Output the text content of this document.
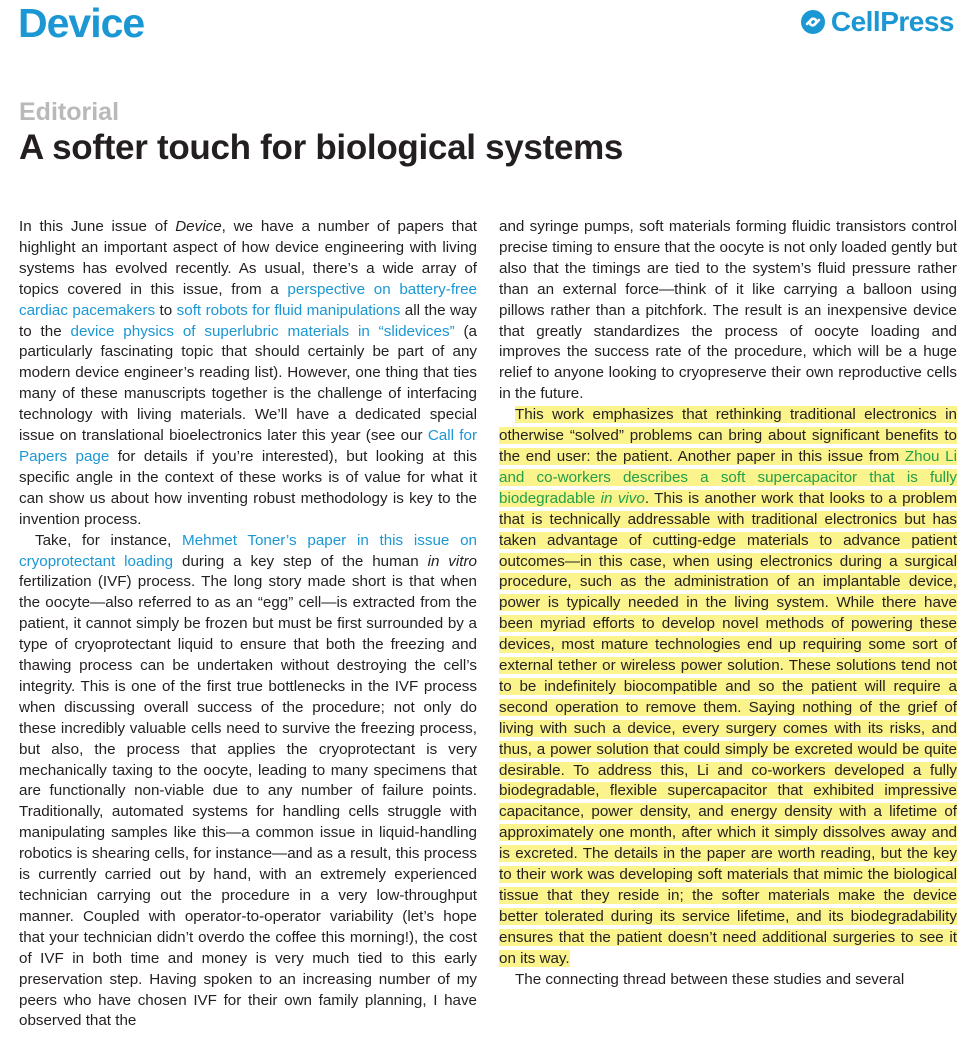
Device	CellPress
Editorial
A softer touch for biological systems

In this June issue of Device, we have a number of papers that highlight an important aspect of how device engineering with living systems has evolved recently. As usual, there’s a wide array of topics covered in this issue, from a perspective on battery-free cardiac pacemakers to soft robots for fluid manipulations all the way to the device physics of superlubric materials in “slidevices” (a particularly fascinating topic that should certainly be part of any modern device engineer’s reading list). However, one thing that ties many of these manuscripts together is the challenge of interfacing technology with living materials. We’ll have a dedicated special issue on translational bioelectronics later this year (see our Call for Papers page for details if you’re interested), but looking at this specific angle in the context of these works is of value for what it can show us about how inventing robust methodology is key to the invention process.

Take, for instance, Mehmet Toner’s paper in this issue on cryoprotectant loading during a key step of the human in vitro fertilization (IVF) process. The long story made short is that when the oocyte—also referred to as an “egg” cell—is extracted from the patient, it cannot simply be frozen but must be first surrounded by a type of cryoprotectant liquid to ensure that both the freezing and thawing process can be undertaken without destroying the cell’s integrity. This is one of the first true bottlenecks in the IVF process when discussing overall success of the procedure; not only do these incredibly valuable cells need to survive the freezing process, but also, the process that applies the cryoprotectant is very mechanically taxing to the oocyte, leading to many specimens that are functionally non-viable due to any number of failure points. Traditionally, automated systems for handling cells struggle with manipulating samples like this—a common issue in liquid-handling robotics is shearing cells, for instance—and as a result, this process is currently carried out by hand, with an extremely experienced technician carrying out the procedure in a very low-throughput manner. Coupled with operator-to-operator variability (let’s hope that your technician didn’t overdo the coffee this morning!), the cost of IVF in both time and money is very much tied to this early preservation step. Having spoken to an increasing number of my peers who have chosen IVF for their own family planning, I have observed that the

and syringe pumps, soft materials forming fluidic transistors control precise timing to ensure that the oocyte is not only loaded gently but also that the timings are tied to the system’s fluid pressure rather than an external force—think of it like carrying a balloon using pillows rather than a pitchfork. The result is an inexpensive device that greatly standardizes the process of oocyte loading and improves the success rate of the procedure, which will be a huge relief to anyone looking to cryopreserve their own reproductive cells in the future.

This work emphasizes that rethinking traditional electronics in otherwise “solved” problems can bring about significant benefits to the end user: the patient. Another paper in this issue from Zhou Li and co-workers describes a soft supercapacitor that is fully biodegradable in vivo. This is another work that looks to a problem that is technically addressable with traditional electronics but has taken advantage of cutting-edge materials to advance patient outcomes—in this case, when using electronics during a surgical procedure, such as the administration of an implantable device, power is typically needed in the living system. While there have been myriad efforts to develop novel methods of powering these devices, most mature technologies end up requiring some sort of external tether or wireless power solution. These solutions tend not to be indefinitely biocompatible and so the patient will require a second operation to remove them. Saying nothing of the grief of living with such a device, every surgery comes with its risks, and thus, a power solution that could simply be excreted would be quite desirable. To address this, Li and co-workers developed a fully biodegradable, flexible supercapacitor that exhibited impressive capacitance, power density, and energy density with a lifetime of approximately one month, after which it simply dissolves away and is excreted. The details in the paper are worth reading, but the key to their work was developing soft materials that mimic the biological tissue that they reside in; the softer materials make the device better tolerated during its service lifetime, and its biodegradability ensures that the patient doesn’t need additional surgeries to see it on its way.

The connecting thread between these studies and several
